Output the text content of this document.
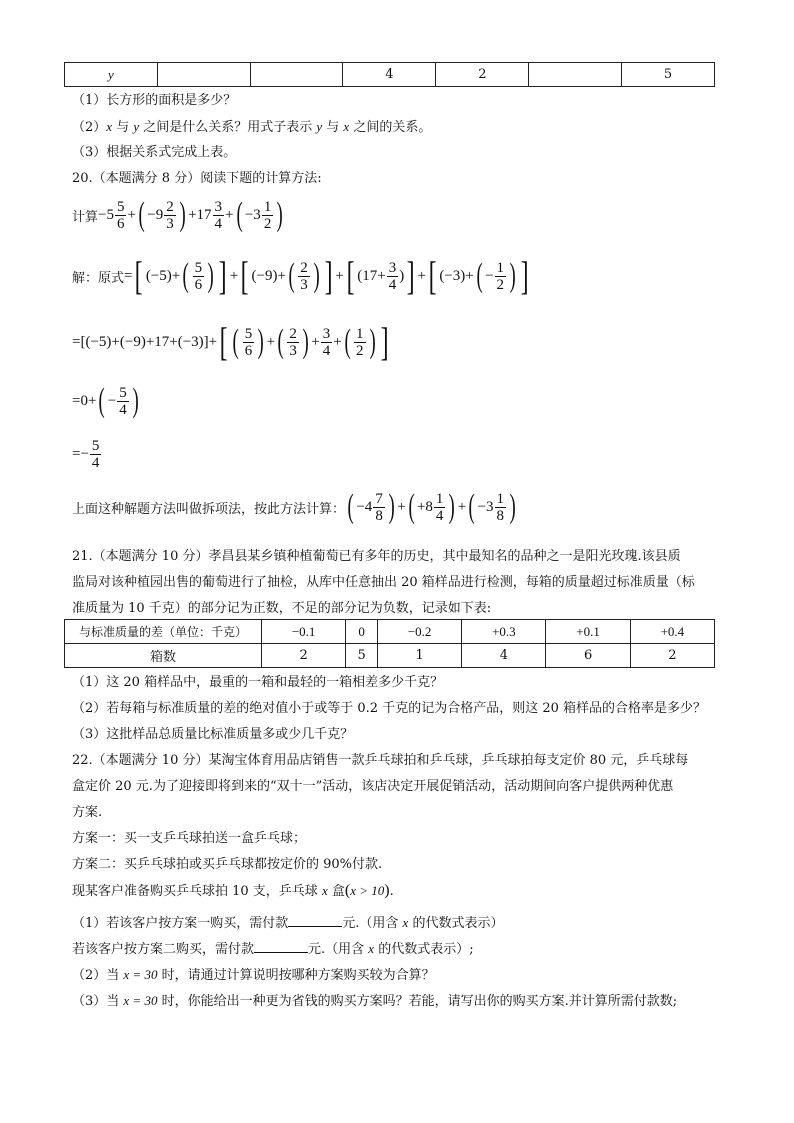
y			4	2		5
（1）长方形的面积是多少？
（2）x 与 y 之间是什么关系？用式子表示 y 与 x 之间的关系。
（3）根据关系式完成上表。
20.（本题满分 8 分）阅读下题的计算方法:
计算 $-5 \frac{5}{6}$ + ( $-9 \frac{2}{3}$ ) $+17 \frac{3}{4}$ + ( $-3 \frac{1}{2}$ )
解：原式 = [ (−5)+ ( $\frac{5}{6}$ ) ] + [ (−9)+ ( $\frac{2}{3}$ ) ] + [ ($17+ \frac{3}{4}$ ) ] + [ (−3)+ ( − $\frac{1}{2}$ ) ]
=[(−5)+(−9)+17+(−3)]+ [ ( $\frac{5}{6}$ ) + ( $\frac{2}{3}$ ) + $\frac{3}{4}$ + ( $\frac{1}{2}$ ) ]
=0+ ( − $\frac{5}{4}$ )
=− $\frac{5}{4}$
上面这种解题方法叫做拆项法，按此方法计算： ( $-4 \frac{7}{8}$ ) + ( $+8 \frac{1}{4}$ ) + ( $-3 \frac{1}{8}$ )
21.（本题满分 10 分）孝昌县某乡镇种植葡萄已有多年的历史，其中最知名的品种之一是阳光玫瑰.该县质
监局对该种植园出售的葡萄进行了抽检，从库中任意抽出 20 箱样品进行检测，每箱的质量超过标准质量（标
准质量为 10 千克）的部分记为正数，不足的部分记为负数，记录如下表:
与标准质量的差（单位：千克）	−0.1	0	−0.2	+0.3	+0.1	+0.4
箱数	2	5	1	4	6	2
（1）这 20 箱样品中，最重的一箱和最轻的一箱相差多少千克？
（2）若每箱与标准质量的差的绝对值小于或等于 0.2 千克的记为合格产品，则这 20 箱样品的合格率是多少？
（3）这批样品总质量比标准质量多或少几千克？
22.（本题满分 10 分）某淘宝体育用品店销售一款乒乓球拍和乒乓球，乒乓球拍每支定价 80 元，乒乓球每
盒定价 20 元.为了迎接即将到来的“双十一”活动，该店决定开展促销活动，活动期间向客户提供两种优惠
方案.
方案一：买一支乒乓球拍送一盒乒乓球；
方案二：买乒乓球拍或买乒乓球都按定价的 90%付款.
现某客户准备购买乒乓球拍 10 支，乒乓球 x 盒(x > 10).
（1）若该客户按方案一购买，需付款	元.（用含 x 的代数式表示）
若该客户按方案二购买，需付款	元.（用含 x 的代数式表示）;
（2）当 x = 30 时，请通过计算说明按哪种方案购买较为合算？
（3）当 x = 30 时，你能给出一种更为省钱的购买方案吗？若能，请写出你的购买方案.并计算所需付款数;
